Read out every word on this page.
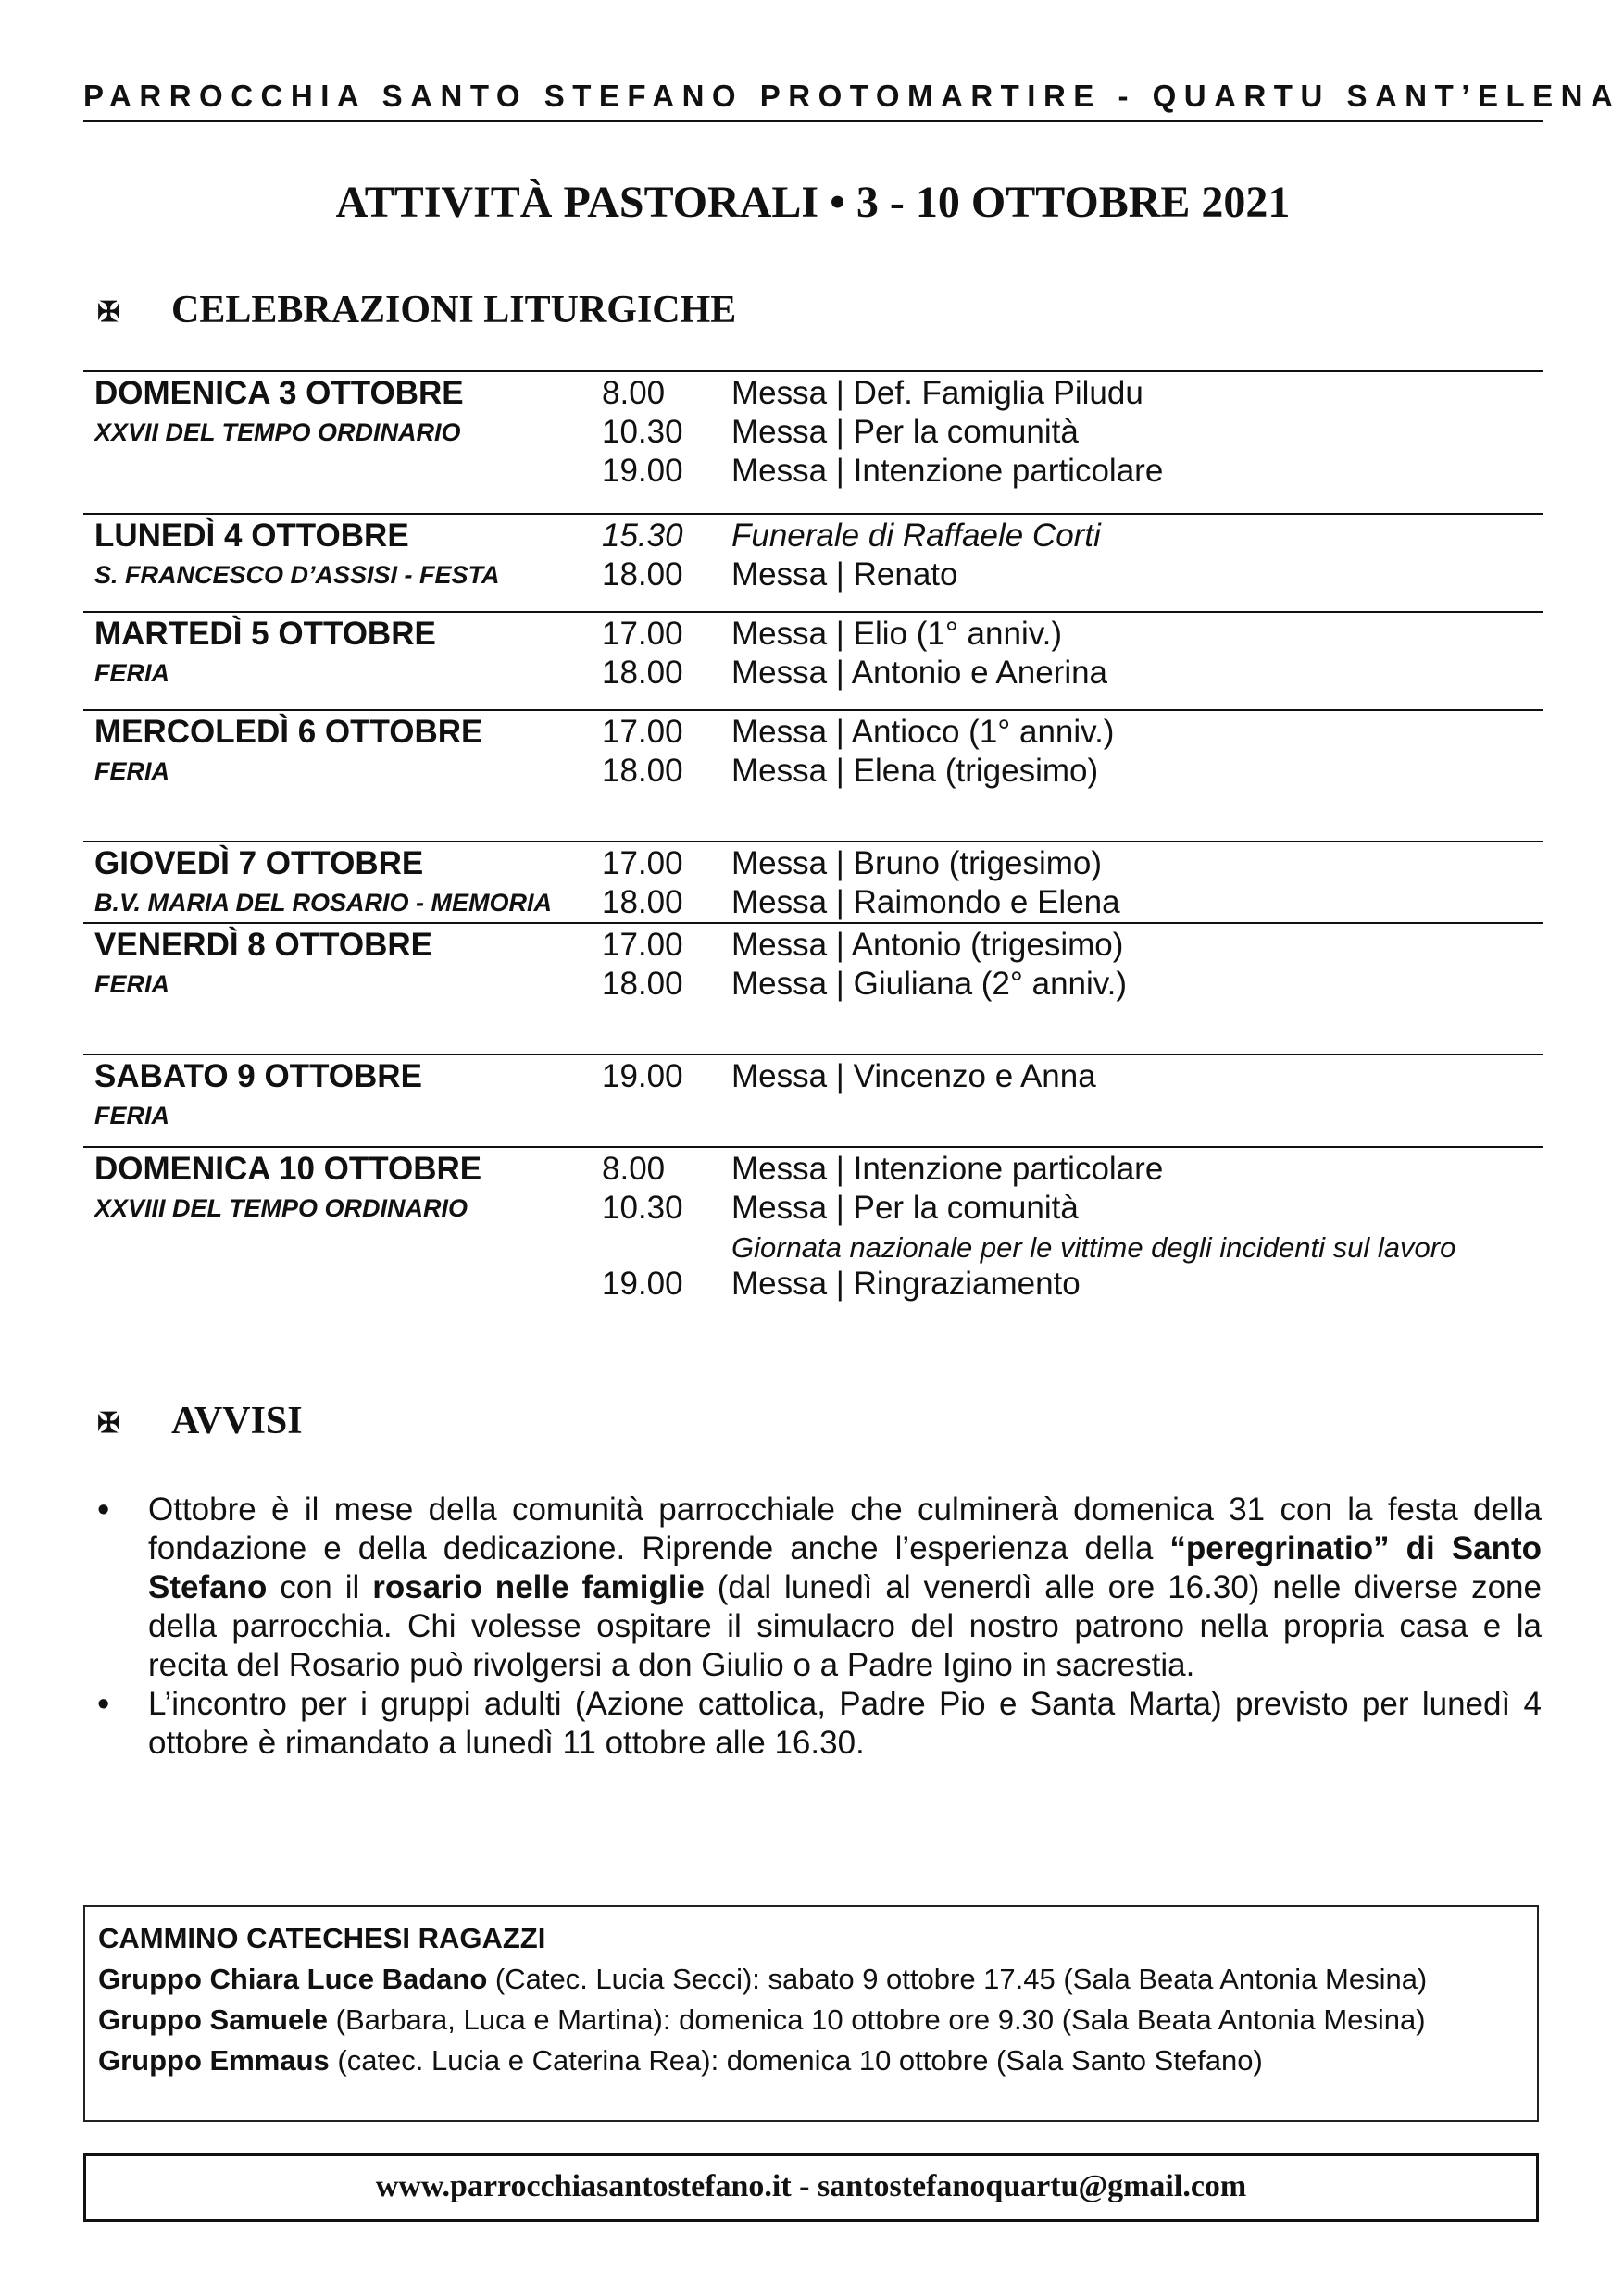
PARROCCHIA SANTO STEFANO PROTOMARTIRE - QUARTU SANT’ELENA
ATTIVITÀ PASTORALI • 3 - 10 OTTOBRE 2021
✠ CELEBRAZIONI LITURGICHE
DOMENICA 3 OTTOBRE	8.00 Messa | Def. Famiglia Piludu
XXVII DEL TEMPO ORDINARIO	10.30 Messa | Per la comunità
19.00 Messa | Intenzione particolare
LUNEDÌ 4 OTTOBRE	15.30 Funerale di Raffaele Corti
S. FRANCESCO D’ASSISI - FESTA	18.00 Messa | Renato
MARTEDÌ 5 OTTOBRE	17.00 Messa | Elio (1° anniv.)
FERIA	18.00 Messa | Antonio e Anerina
MERCOLEDÌ 6 OTTOBRE	17.00 Messa | Antioco (1° anniv.)
FERIA	18.00 Messa | Elena (trigesimo)
GIOVEDÌ 7 OTTOBRE	17.00 Messa | Bruno (trigesimo)
B.V. MARIA DEL ROSARIO - MEMORIA 18.00 Messa | Raimondo e Elena
VENERDÌ 8 OTTOBRE	17.00 Messa | Antonio (trigesimo)
FERIA	18.00 Messa | Giuliana (2° anniv.)
SABATO 9 OTTOBRE	19.00 Messa | Vincenzo e Anna
FERIA
DOMENICA 10 OTTOBRE	8.00 Messa | Intenzione particolare
XXVIII DEL TEMPO ORDINARIO	10.30 Messa | Per la comunità
Giornata nazionale per le vittime degli incidenti sul lavoro
19.00 Messa | Ringraziamento
✠ AVVISI
• Ottobre è il mese della comunità parrocchiale che culminerà domenica 31 con la festa della fondazione e della dedicazione. Riprende anche l’esperienza della “peregrinatio” di Santo Stefano con il rosario nelle famiglie (dal lunedì al venerdì alle ore 16.30) nelle diverse zone della parrocchia. Chi volesse ospitare il simulacro del nostro patrono nella propria casa e la recita del Rosario può rivolgersi a don Giulio o a Padre Igino in sacrestia.
• L’incontro per i gruppi adulti (Azione cattolica, Padre Pio e Santa Marta) previsto per lunedì 4 ottobre è rimandato a lunedì 11 ottobre alle 16.30.
CAMMINO CATECHESI RAGAZZI
Gruppo Chiara Luce Badano (Catec. Lucia Secci): sabato 9 ottobre 17.45 (Sala Beata Antonia Mesina)
Gruppo Samuele (Barbara, Luca e Martina): domenica 10 ottobre ore 9.30 (Sala Beata Antonia Mesina)
Gruppo Emmaus (catec. Lucia e Caterina Rea): domenica 10 ottobre (Sala Santo Stefano)
www.parrocchiasantostefano.it - santostefanoquartu@gmail.com
